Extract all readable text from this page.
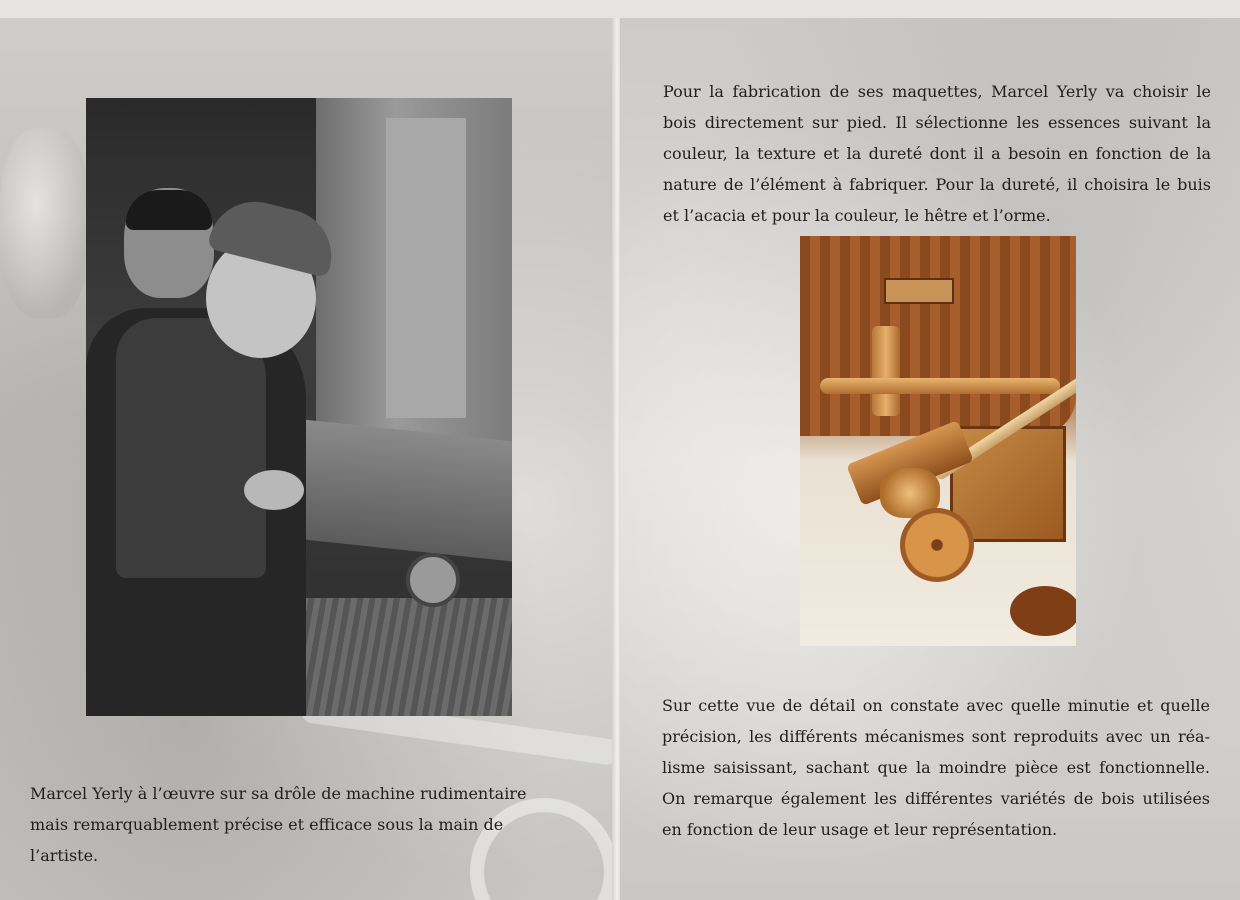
Marcel Yerly à l’œuvre sur sa drôle de machine rudimentaire mais remarquablement précise et efficace sous la main de l’artiste.

Pour la fabrication de ses maquettes, Marcel Yerly va choisir le bois directement sur pied. Il sélectionne les essences suivant la couleur, la texture et la dureté dont il a besoin en fonction de la nature de l’élément à fabriquer. Pour la dureté, il choisira le buis et l’acacia et pour la couleur, le hêtre et l’orme.

Sur cette vue de détail on constate avec quelle minutie et quelle précision, les différents mécanismes sont reproduits avec un réalisme saisissant, sachant que la moindre pièce est fonctionnelle. On remarque également les différentes variétés de bois utilisées en fonction de leur usage et leur représentation.
